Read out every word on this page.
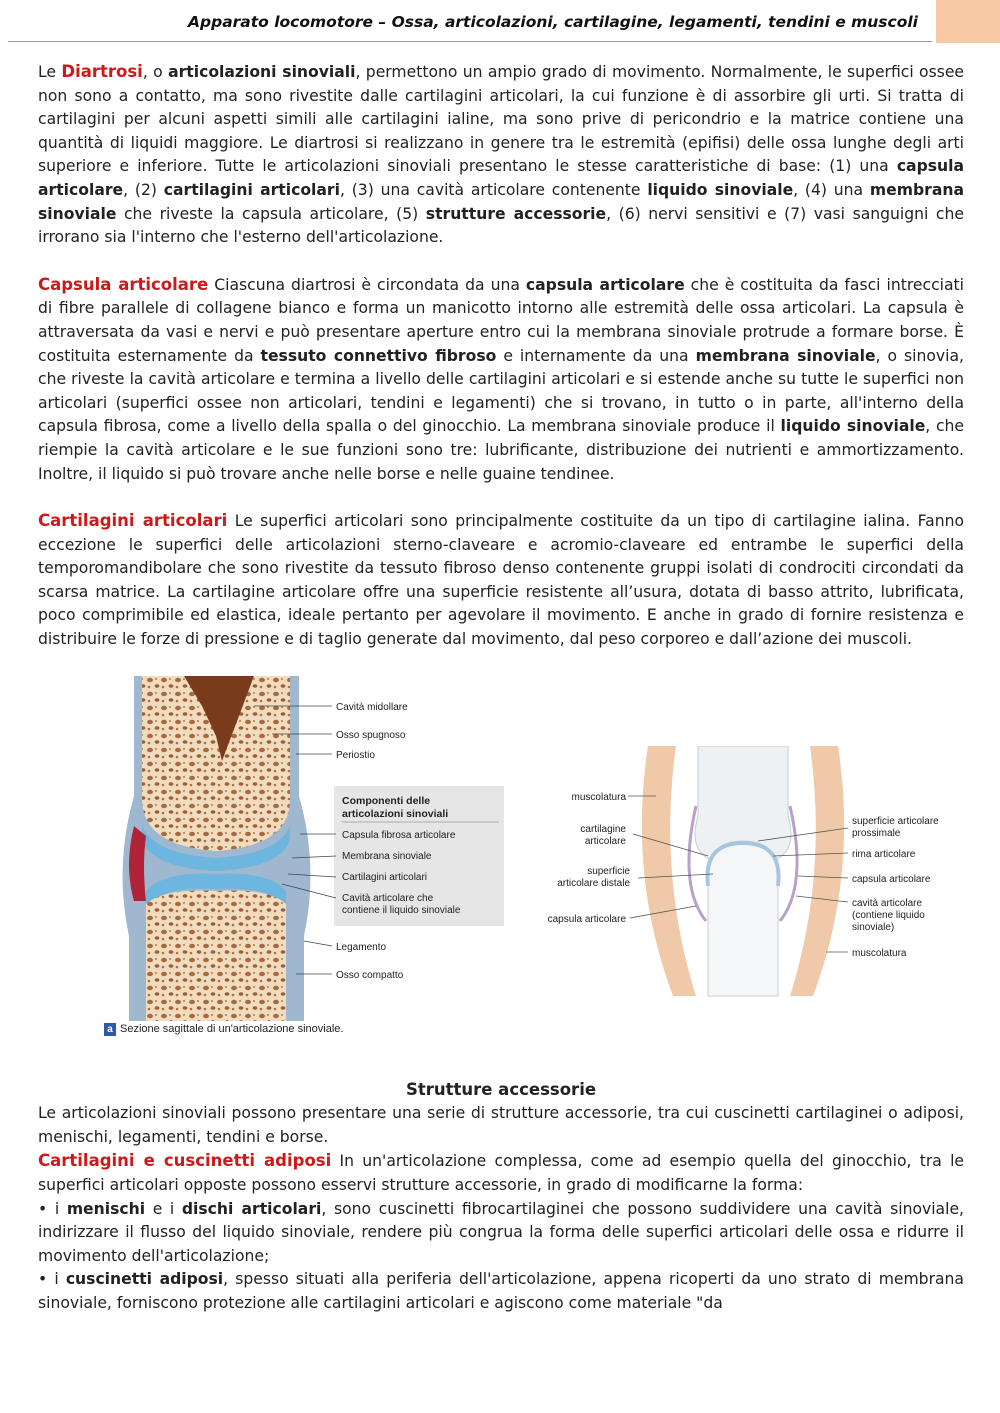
Apparato locomotore – Ossa, articolazioni, cartilagine, legamenti, tendini e muscoli

Le Diartrosi, o articolazioni sinoviali, permettono un ampio grado di movimento. Normalmente, le superfici ossee non sono a contatto, ma sono rivestite dalle cartilagini articolari, la cui funzione è di assorbire gli urti. Si tratta di cartilagini per alcuni aspetti simili alle cartilagini ialine, ma sono prive di pericondrio e la matrice contiene una quantità di liquidi maggiore. Le diartrosi si realizzano in genere tra le estremità (epifisi) delle ossa lunghe degli arti superiore e inferiore. Tutte le articolazioni sinoviali presentano le stesse caratteristiche di base: (1) una capsula articolare, (2) cartilagini articolari, (3) una cavità articolare contenente liquido sinoviale, (4) una membrana sinoviale che riveste la capsula articolare, (5) strutture accessorie, (6) nervi sensitivi e (7) vasi sanguigni che irrorano sia l'interno che l'esterno dell'articolazione.

Capsula articolare Ciascuna diartrosi è circondata da una capsula articolare che è costituita da fasci intrecciati di fibre parallele di collagene bianco e forma un manicotto intorno alle estremità delle ossa articolari. La capsula è attraversata da vasi e nervi e può presentare aperture entro cui la membrana sinoviale protrude a formare borse. È costituita esternamente da tessuto connettivo fibroso e internamente da una membrana sinoviale, o sinovia, che riveste la cavità articolare e termina a livello delle cartilagini articolari e si estende anche su tutte le superfici non articolari (superfici ossee non articolari, tendini e legamenti) che si trovano, in tutto o in parte, all'interno della capsula fibrosa, come a livello della spalla o del ginocchio. La membrana sinoviale produce il liquido sinoviale, che riempie la cavità articolare e le sue funzioni sono tre: lubrificante, distribuzione dei nutrienti e ammortizzamento. Inoltre, il liquido si può trovare anche nelle borse e nelle guaine tendinee.

Cartilagini articolari Le superfici articolari sono principalmente costituite da un tipo di cartilagine ialina. Fanno eccezione le superfici delle articolazioni sterno-claveare e acromio-claveare ed entrambe le superfici della temporomandibolare che sono rivestite da tessuto fibroso denso contenente gruppi isolati di condrociti circondati da scarsa matrice. La cartilagine articolare offre una superficie resistente all’usura, dotata di basso attrito, lubrificata, poco comprimibile ed elastica, ideale pertanto per agevolare il movimento. E anche in grado di fornire resistenza e distribuire le forze di pressione e di taglio generate dal movimento, dal peso corporeo e dall’azione dei muscoli.

Componenti delle
articolazioni sinoviali
Capsula fibrosa articolare
Membrana sinoviale
Cartilagini articolari
Cavità articolare che
contiene il liquido sinoviale
Cavità midollare
Osso spugnoso
Periostio
Legamento
Osso compatto
a Sezione sagittale di un'articolazione sinoviale.
muscolatura
cartilagine
articolare
superficie
articolare distale
capsula articolare
superficie articolare
prossimale
rima articolare
capsula articolare
cavità articolare
(contiene liquido
sinoviale)
muscolatura
Strutture accessorie

Le articolazioni sinoviali possono presentare una serie di strutture accessorie, tra cui cuscinetti cartilaginei o adiposi, menischi, legamenti, tendini e borse.

Cartilagini e cuscinetti adiposi In un'articolazione complessa, come ad esempio quella del ginocchio, tra le superfici articolari opposte possono esservi strutture accessorie, in grado di modificarne la forma:

• i menischi e i dischi articolari, sono cuscinetti fibrocartilaginei che possono suddividere una cavità sinoviale, indirizzare il flusso del liquido sinoviale, rendere più congrua la forma delle superfici articolari delle ossa e ridurre il movimento dell'articolazione;

• i cuscinetti adiposi, spesso situati alla periferia dell'articolazione, appena ricoperti da uno strato di membrana sinoviale, forniscono protezione alle cartilagini articolari e agiscono come materiale "da
